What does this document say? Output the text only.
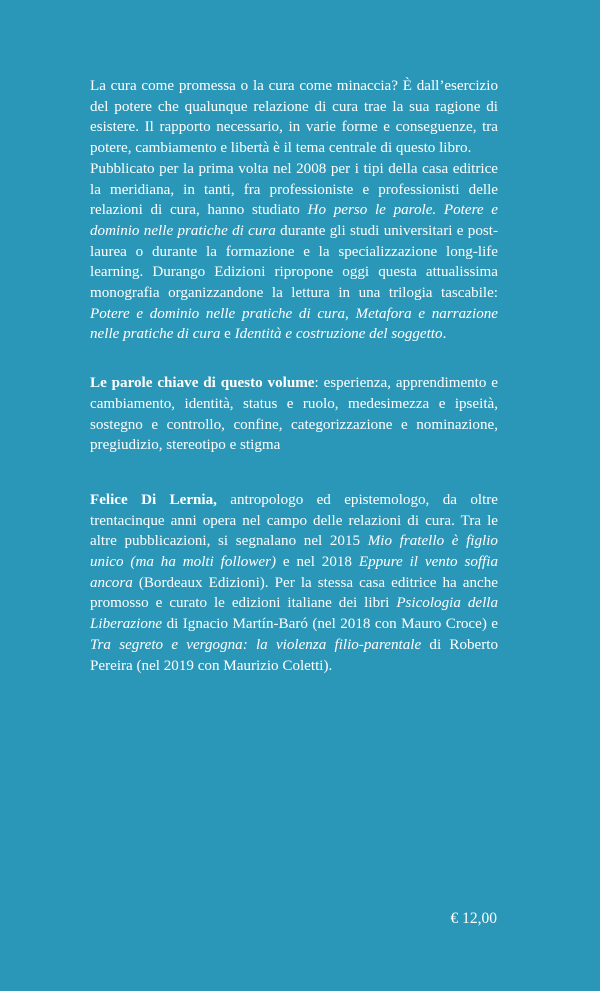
La cura come promessa o la cura come minaccia? È dall’esercizio del potere che qualunque relazione di cura trae la sua ragione di esistere. Il rapporto necessario, in varie forme e conseguenze, tra potere, cambiamento e libertà è il tema centrale di questo libro.

Pubblicato per la prima volta nel 2008 per i tipi della casa editrice la meridiana, in tanti, fra professioniste e professionisti delle relazioni di cura, hanno studiato Ho perso le parole. Potere e dominio nelle pratiche di cura durante gli studi universitari e post-laurea o durante la formazione e la specializzazione long-life learning. Durango Edizioni ripropone oggi questa attualissima monografia organizzandone la lettura in una trilogia tascabile: Potere e dominio nelle pratiche di cura, Metafora e narrazione nelle pratiche di cura e Identità e costruzione del soggetto.

Le parole chiave di questo volume: esperienza, apprendimento e cambiamento, identità, status e ruolo, medesimezza e ipseità, sostegno e controllo, confine, categorizzazione e nominazione, pregiudizio, stereotipo e stigma

Felice Di Lernia, antropologo ed epistemologo, da oltre trentacinque anni opera nel campo delle relazioni di cura. Tra le altre pubblicazioni, si segnalano nel 2015 Mio fratello è figlio unico (ma ha molti follower) e nel 2018 Eppure il vento soffia ancora (Bordeaux Edizioni). Per la stessa casa editrice ha anche promosso e curato le edizioni italiane dei libri Psicologia della Liberazione di Ignacio Martín-Baró (nel 2018 con Mauro Croce) e Tra segreto e vergogna: la violenza filio-parentale di Roberto Pereira (nel 2019 con Maurizio Coletti).

€ 12,00
